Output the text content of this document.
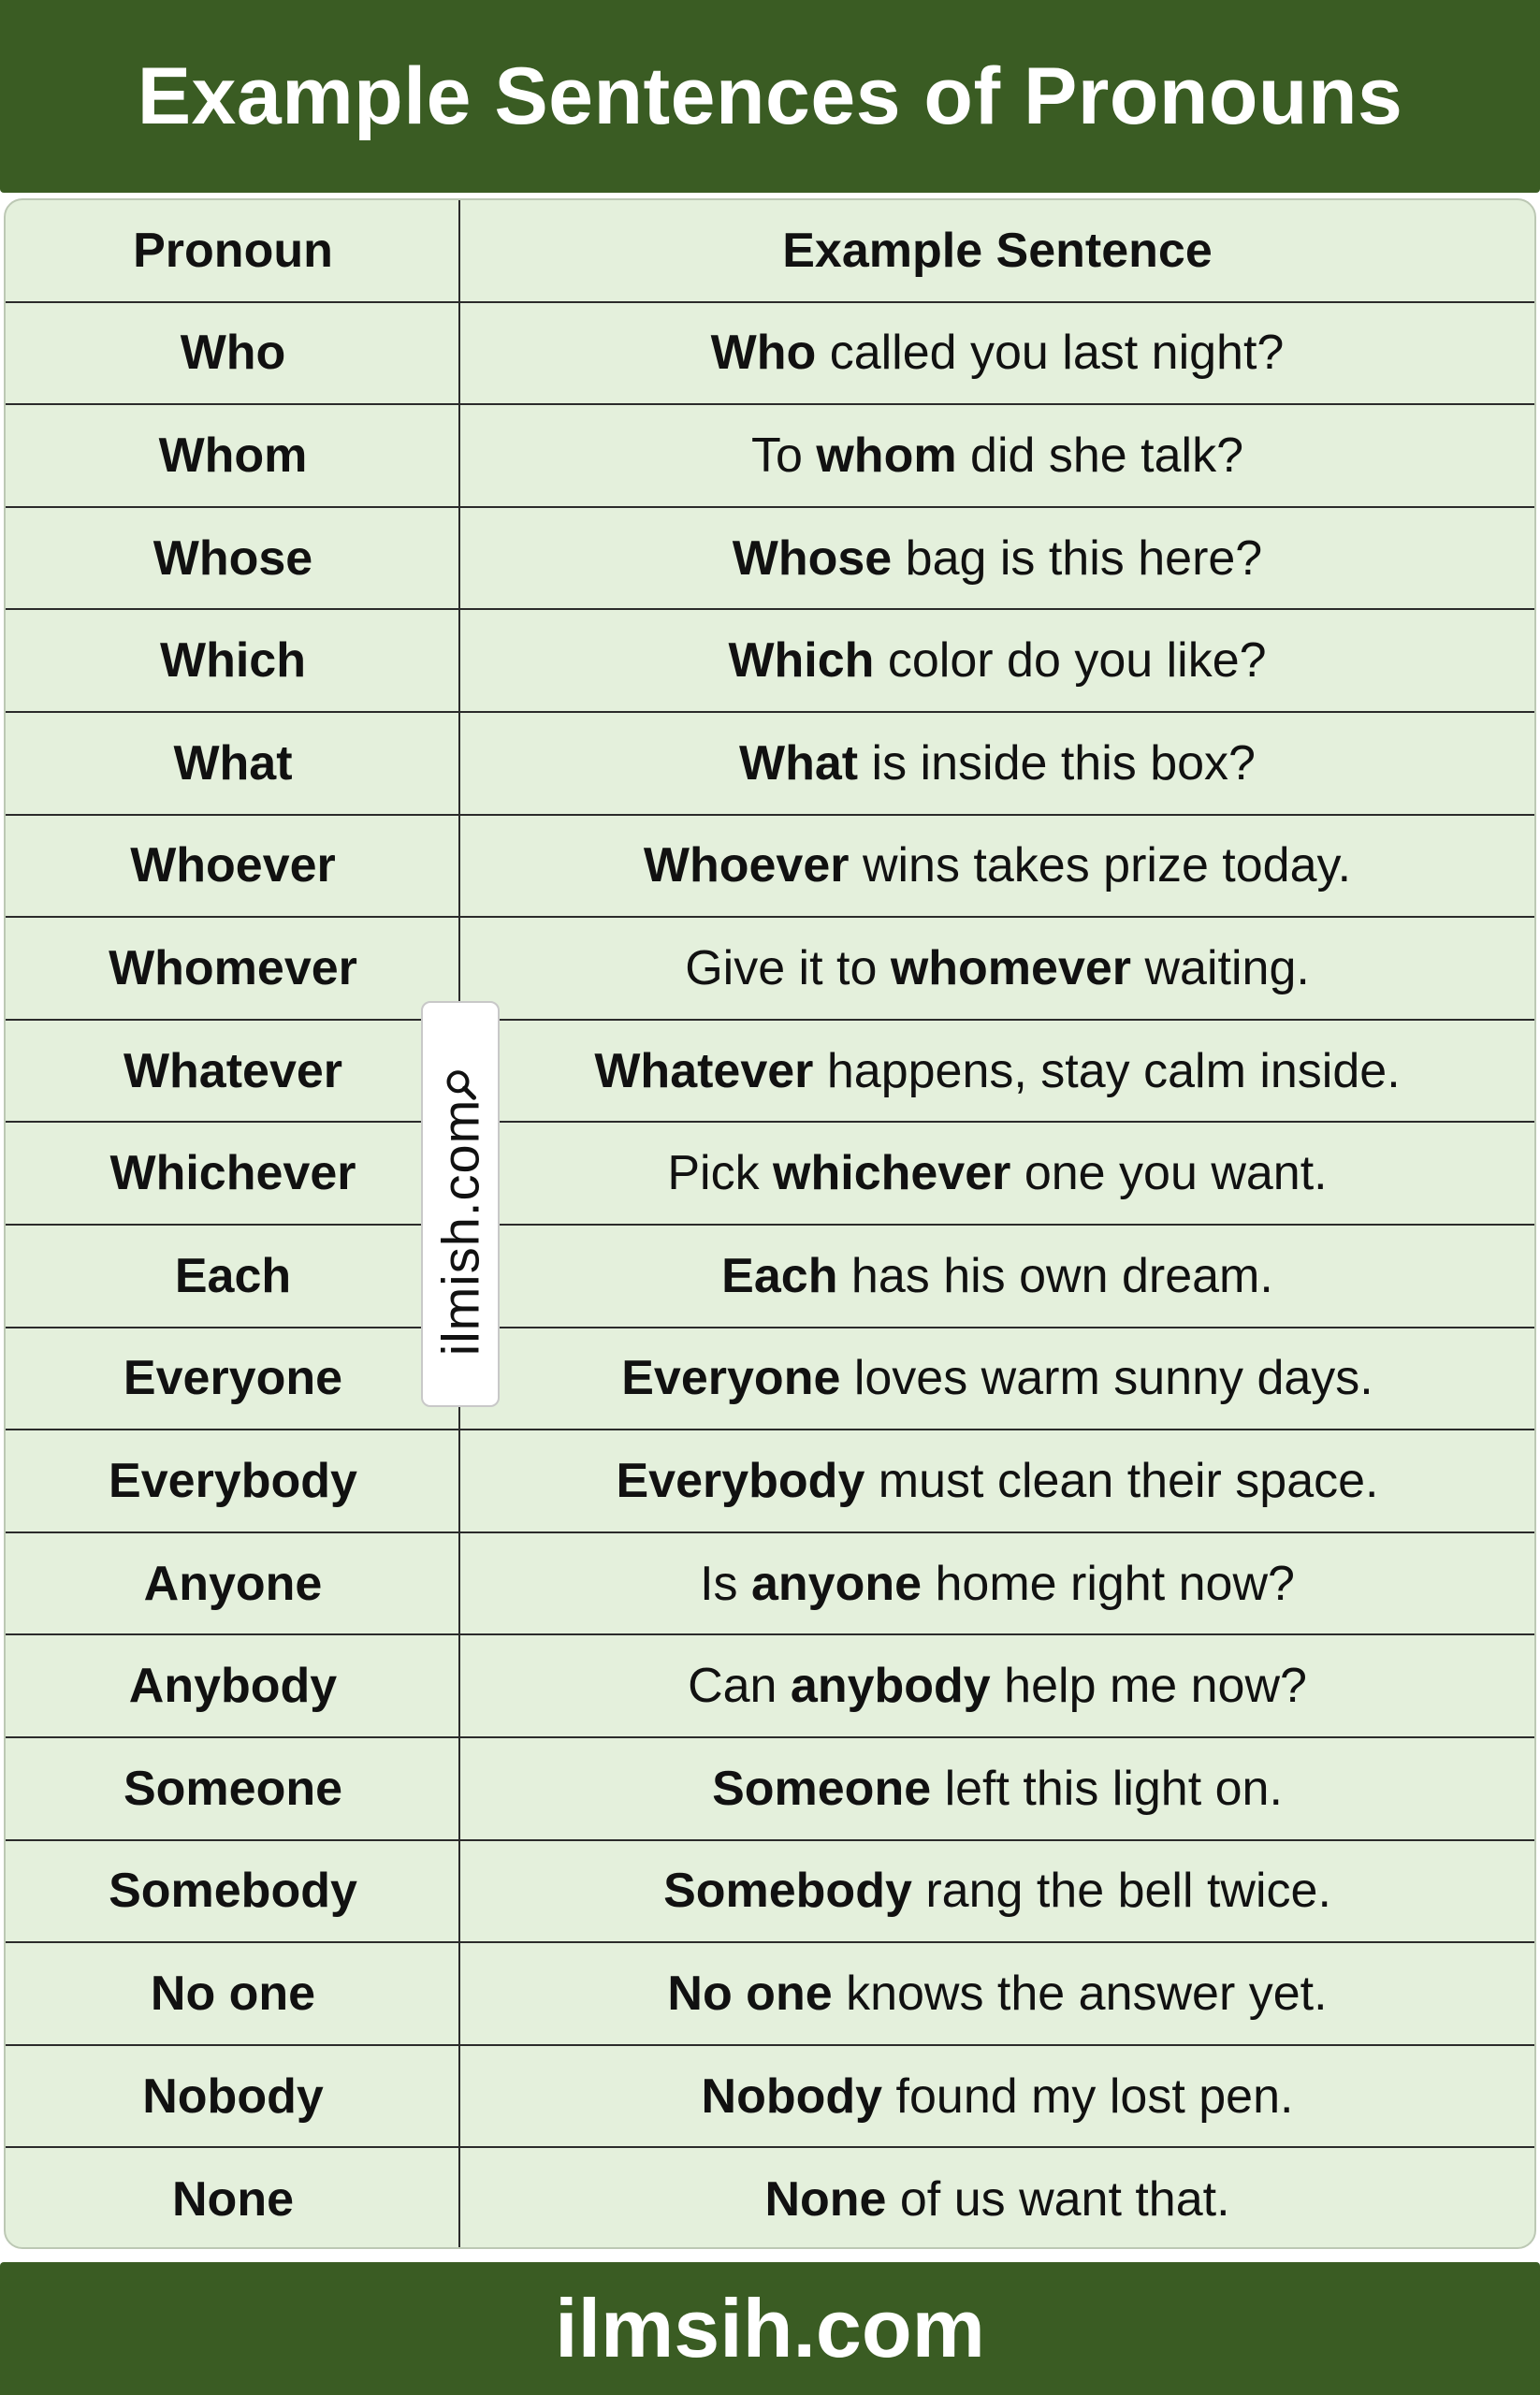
Example Sentences of Pronouns
Pronoun	Example Sentence
Who	Who called you last night?
Whom	To whom did she talk?
Whose	Whose bag is this here?
Which	Which color do you like?
What	What is inside this box?
Whoever	Whoever wins takes prize today.
Whomever	Give it to whomever waiting.
Whatever	Whatever happens, stay calm inside.
Whichever	Pick whichever one you want.
Each	Each has his own dream.
Everyone	Everyone loves warm sunny days.
Everybody	Everybody must clean their space.
Anyone	Is anyone home right now?
Anybody	Can anybody help me now?
Someone	Someone left this light on.
Somebody	Somebody rang the bell twice.
No one	No one knows the answer yet.
Nobody	Nobody found my lost pen.
None	None of us want that.
ilmish.com
ilmsih.com
